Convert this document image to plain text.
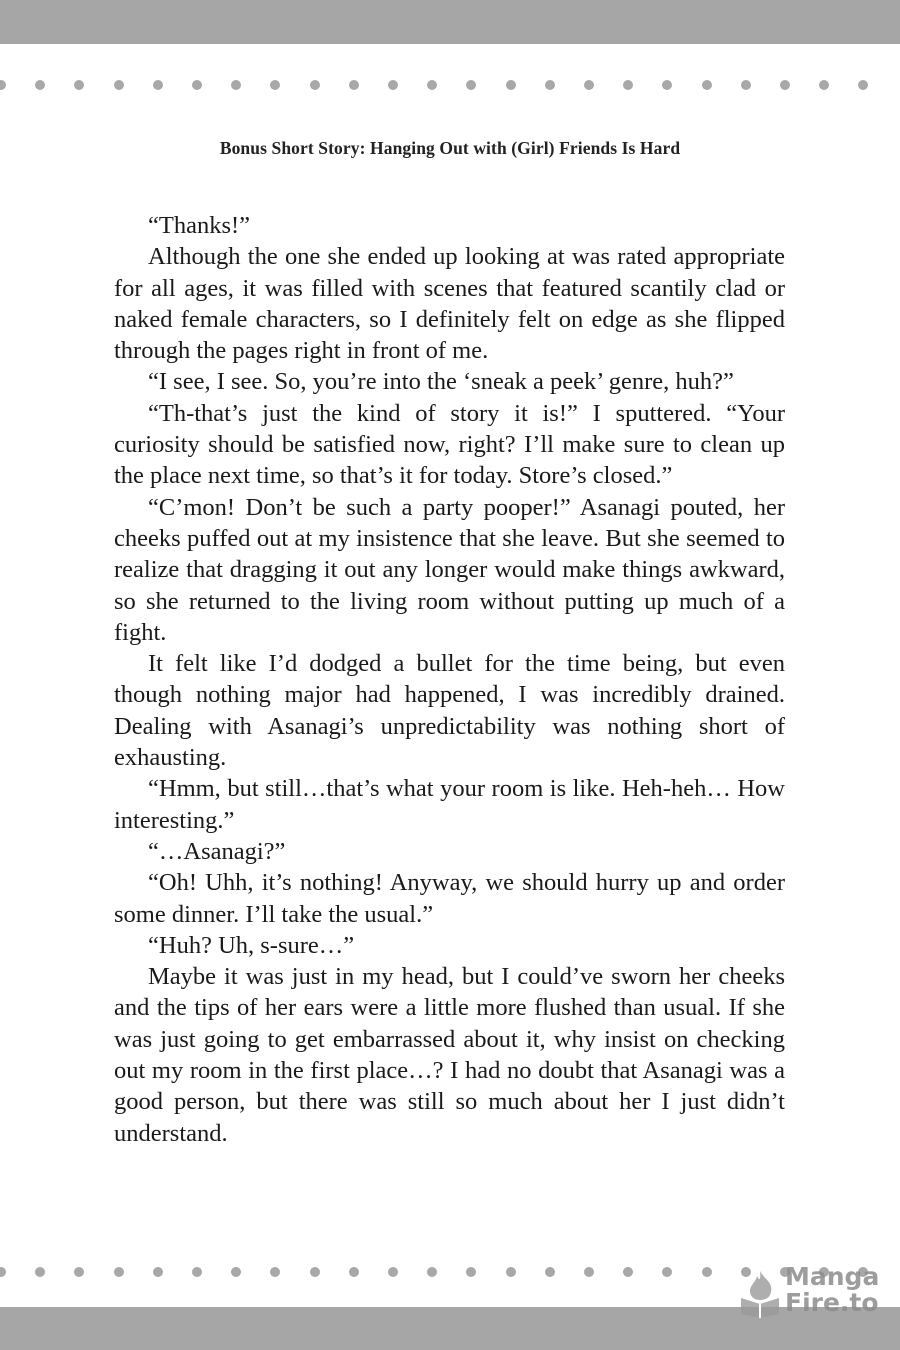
Bonus Short Story: Hanging Out with (Girl) Friends Is Hard

“Thanks!”

Although the one she ended up looking at was rated appropriate for all ages, it was filled with scenes that featured scantily clad or naked female characters, so I definitely felt on edge as she flipped through the pages right in front of me.

“I see, I see. So, you’re into the ‘sneak a peek’ genre, huh?”

“Th-that’s just the kind of story it is!” I sputtered. “Your curiosity should be satisfied now, right? I’ll make sure to clean up the place next time, so that’s it for today. Store’s closed.”

“C’mon! Don’t be such a party pooper!” Asanagi pouted, her cheeks puffed out at my insistence that she leave. But she seemed to realize that dragging it out any longer would make things awkward, so she returned to the living room without putting up much of a fight.

It felt like I’d dodged a bullet for the time being, but even though nothing major had happened, I was incredibly drained. Dealing with Asanagi’s unpredictability was nothing short of exhausting.

“Hmm, but still…that’s what your room is like. Heh-heh… How interesting.”

“…Asanagi?”

“Oh! Uhh, it’s nothing! Anyway, we should hurry up and order some dinner. I’ll take the usual.”

“Huh? Uh, s-sure…”

Maybe it was just in my head, but I could’ve sworn her cheeks and the tips of her ears were a little more flushed than usual. If she was just going to get embarrassed about it, why insist on checking out my room in the first place…? I had no doubt that Asanagi was a good person, but there was still so much about her I just didn’t understand.

Manga
Fire.to
